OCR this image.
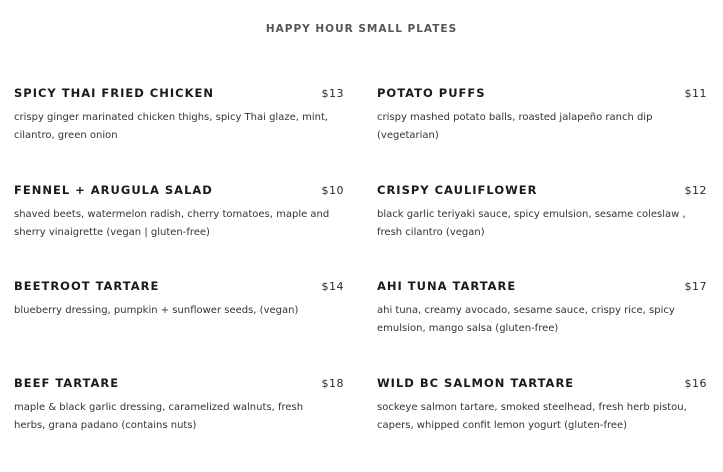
HAPPY HOUR SMALL PLATES
SPICY THAI FRIED CHICKEN	$13
crispy ginger marinated chicken thighs, spicy Thai glaze, mint, cilantro, green onion
POTATO PUFFS	$11
crispy mashed potato balls, roasted jalapeño ranch dip (vegetarian)
FENNEL + ARUGULA SALAD	$10
shaved beets, watermelon radish, cherry tomatoes, maple and sherry vinaigrette (vegan | gluten-free)
CRISPY CAULIFLOWER	$12
black garlic teriyaki sauce, spicy emulsion, sesame coleslaw , fresh cilantro (vegan)
BEETROOT TARTARE	$14
blueberry dressing, pumpkin + sunflower seeds, (vegan)
AHI TUNA TARTARE	$17
ahi tuna, creamy avocado, sesame sauce, crispy rice, spicy emulsion, mango salsa (gluten-free)
BEEF TARTARE	$18
maple & black garlic dressing, caramelized walnuts, fresh herbs, grana padano (contains nuts)
WILD BC SALMON TARTARE	$16
sockeye salmon tartare, smoked steelhead, fresh herb pistou, capers, whipped confit lemon yogurt (gluten-free)
